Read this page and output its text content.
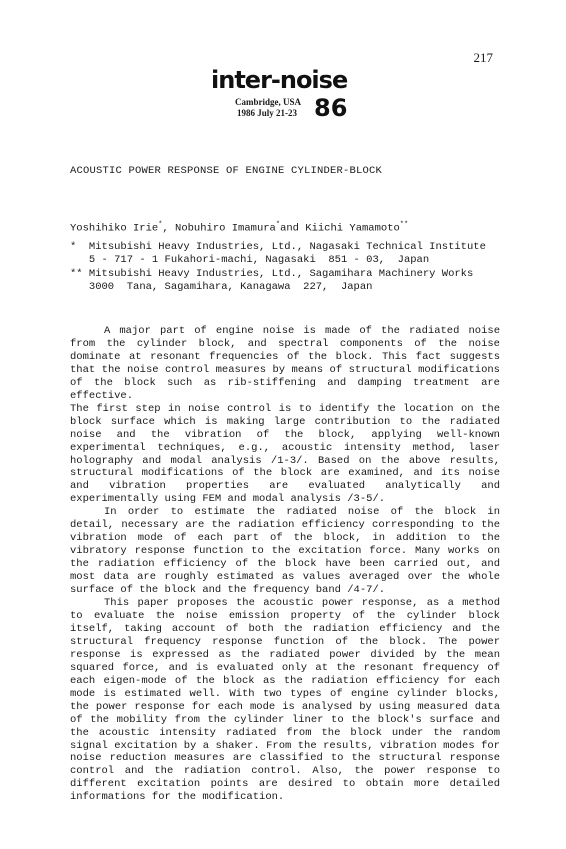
217
inter-noise
Cambridge, USA
1986 July 21-23 86
ACOUSTIC POWER RESPONSE OF ENGINE CYLINDER-BLOCK
Yoshihiko Irie*, Nobuhiro Imamura*and Kiichi Yamamoto**
* Mitsubishi Heavy Industries, Ltd., Nagasaki Technical Institute
5 - 717 - 1 Fukahori-machi, Nagasaki  851 - 03,  Japan
** Mitsubishi Heavy Industries, Ltd., Sagamihara Machinery Works
3000  Tana, Sagamihara, Kanagawa  227,  Japan

A major part of engine noise is made of the radiated noise from the cylinder block, and spectral components of the noise dominate at resonant frequencies of the block. This fact suggests that the noise control measures by means of structural modifications of the block such as rib-stiffening and damping treatment are effective.

The first step in noise control is to identify the location on the block surface which is making large contribution to the radiated noise and the vibration of the block, applying well-known experimental techniques, e.g., acoustic intensity method, laser holography and modal analysis /1-3/. Based on the above results, structural modifications of the block are examined, and its noise and vibration properties are evaluated analytically and experimentally using FEM and modal analysis /3-5/.

In order to estimate the radiated noise of the block in detail, necessary are the radiation efficiency corresponding to the vibration mode of each part of the block, in addition to the vibratory response function to the excitation force. Many works on the radiation efficiency of the block have been carried out, and most data are roughly estimated as values averaged over the whole surface of the block and the frequency band /4-7/.

This paper proposes the acoustic power response, as a method to evaluate the noise emission property of the cylinder block itself, taking account of both the radiation efficiency and the structural frequency response function of the block. The power response is expressed as the radiated power divided by the mean squared force, and is evaluated only at the resonant frequency of each eigen-mode of the block as the radiation efficiency for each mode is estimated well. With two types of engine cylinder blocks, the power response for each mode is analysed by using measured data of the mobility from the cylinder liner to the block's surface and the acoustic intensity radiated from the block under the random signal excitation by a shaker. From the results, vibration modes for noise reduction measures are classified to the structural response control and the radiation control. Also, the power response to different excitation points are desired to obtain more detailed informations for the modification.
